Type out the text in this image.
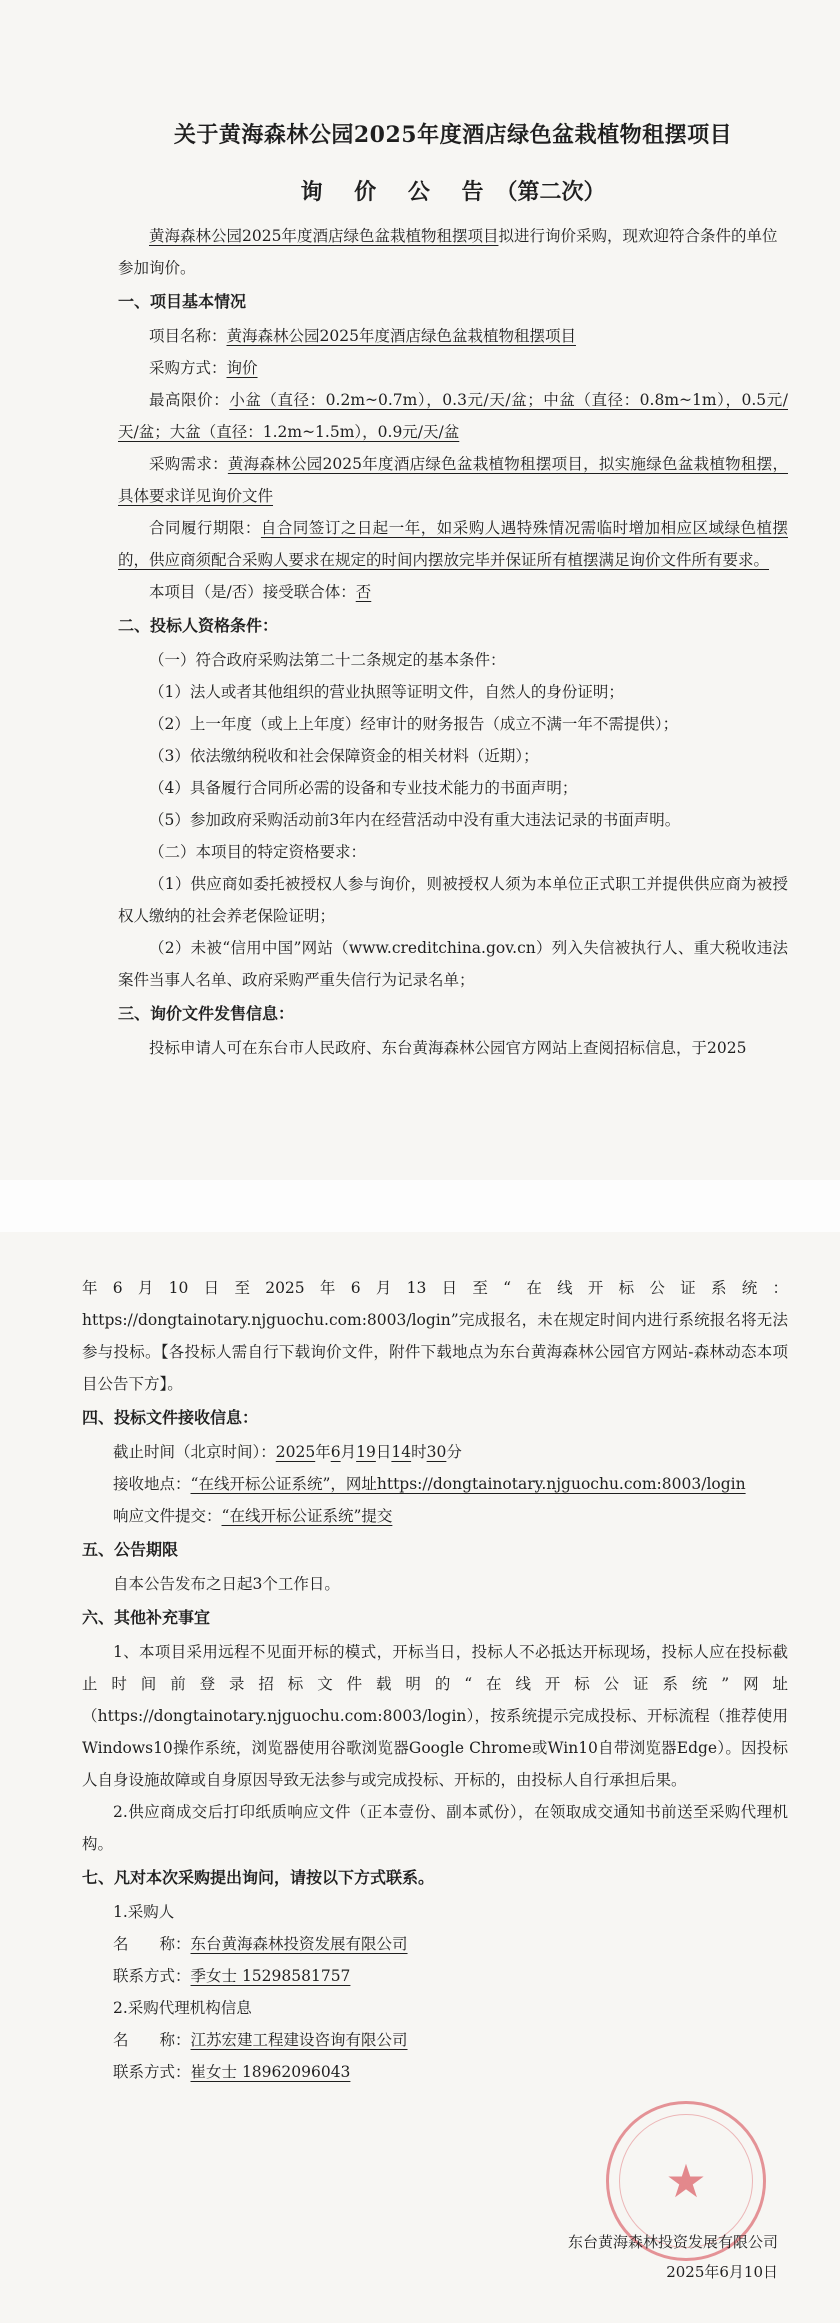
关于黄海森林公园2025年度酒店绿色盆栽植物租摆项目
询 价 公 告（第二次）

黄海森林公园2025年度酒店绿色盆栽植物租摆项目拟进行询价采购，现欢迎符合条件的单位参加询价。

一、项目基本情况

项目名称：黄海森林公园2025年度酒店绿色盆栽植物租摆项目

采购方式：询价

最高限价：小盆（直径：0.2m~0.7m），0.3元/天/盆；中盆（直径：0.8m~1m），0.5元/天/盆；大盆（直径：1.2m~1.5m），0.9元/天/盆

采购需求：黄海森林公园2025年度酒店绿色盆栽植物租摆项目，拟实施绿色盆栽植物租摆，具体要求详见询价文件

合同履行期限：自合同签订之日起一年，如采购人遇特殊情况需临时增加相应区域绿色植摆的，供应商须配合采购人要求在规定的时间内摆放完毕并保证所有植摆满足询价文件所有要求。

本项目（是/否）接受联合体：否

二、投标人资格条件：

（一）符合政府采购法第二十二条规定的基本条件：

（1）法人或者其他组织的营业执照等证明文件，自然人的身份证明；

（2）上一年度（或上上年度）经审计的财务报告（成立不满一年不需提供）；

（3）依法缴纳税收和社会保障资金的相关材料（近期）；

（4）具备履行合同所必需的设备和专业技术能力的书面声明；

（5）参加政府采购活动前3年内在经营活动中没有重大违法记录的书面声明。

（二）本项目的特定资格要求：

（1）供应商如委托被授权人参与询价，则被授权人须为本单位正式职工并提供供应商为被授权人缴纳的社会养老保险证明；

（2）未被“信用中国”网站（www.creditchina.gov.cn）列入失信被执行人、重大税收违法案件当事人名单、政府采购严重失信行为记录名单；

三、询价文件发售信息：

投标申请人可在东台市人民政府、东台黄海森林公园官方网站上查阅招标信息，于2025

年6月10日至2025年6月13日至“在线开标公证系统：https://dongtainotary.njguochu.com:8003/login”完成报名，未在规定时间内进行系统报名将无法参与投标。【各投标人需自行下载询价文件，附件下载地点为东台黄海森林公园官方网站-森林动态本项目公告下方】。

四、投标文件接收信息：

截止时间（北京时间）：2025年6月19日14时30分

接收地点：“在线开标公证系统”，网址https://dongtainotary.njguochu.com:8003/login

响应文件提交：“在线开标公证系统”提交

五、公告期限

自本公告发布之日起3个工作日。

六、其他补充事宜

1、本项目采用远程不见面开标的模式，开标当日，投标人不必抵达开标现场，投标人应在投标截止时间前登录招标文件载明的“在线开标公证系统”网址（https://dongtainotary.njguochu.com:8003/login），按系统提示完成投标、开标流程（推荐使用Windows10操作系统，浏览器使用谷歌浏览器Google Chrome或Win10自带浏览器Edge）。因投标人自身设施故障或自身原因导致无法参与或完成投标、开标的，由投标人自行承担后果。

2.供应商成交后打印纸质响应文件（正本壹份、副本贰份），在领取成交通知书前送至采购代理机构。

七、凡对本次采购提出询问，请按以下方式联系。

1.采购人

名　　称：东台黄海森林投资发展有限公司

联系方式：季女士 15298581757

2.采购代理机构信息

名　　称：江苏宏建工程建设咨询有限公司

联系方式：崔女士 18962096043

★
东台黄海森林投资发展有限公司
2025年6月10日
